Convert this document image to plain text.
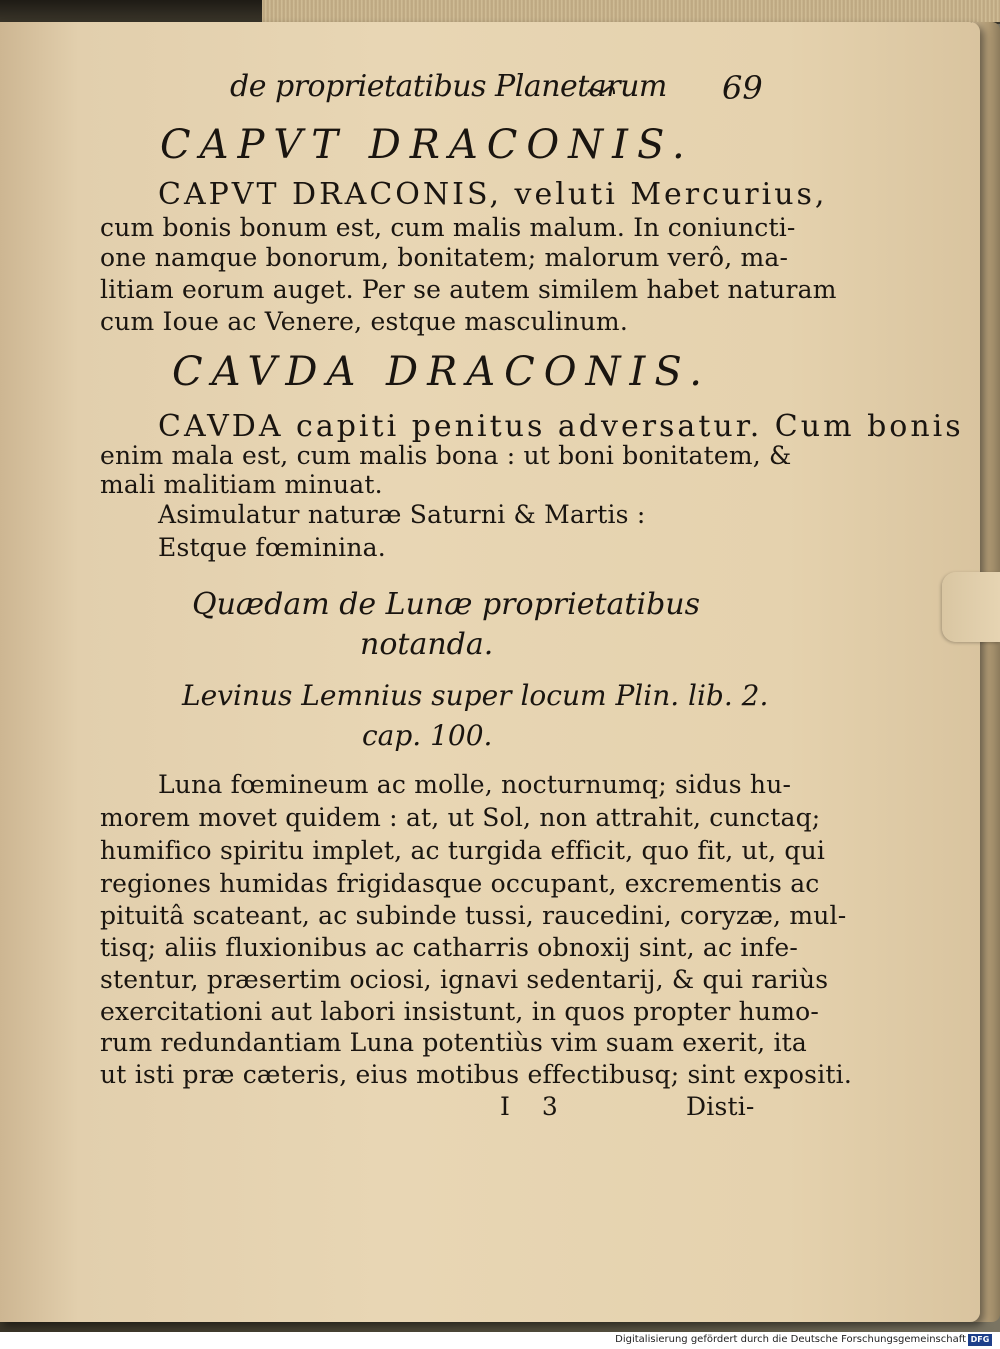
de proprietatibus Planetarum 69
CAPVT DRACONIS.
CAPVT DRACONIS, veluti Mercurius,
cum bonis bonum est, cum malis malum. In coniuncti-
one namque bonorum, bonitatem; malorum verô, ma-
litiam eorum auget. Per se autem similem habet naturam
cum Ioue ac Venere, estque masculinum.
CAVDA DRACONIS.
CAVDA capiti penitus adversatur. Cum bonis
enim mala est, cum malis bona : ut boni bonitatem, &
mali malitiam minuat.
Asimulatur naturæ Saturni & Martis :
Estque fœminina.
Quædam de Lunæ proprietatibus
notanda.
Levinus Lemnius super locum Plin. lib. 2.
cap. 100.
Luna fœmineum ac molle, nocturnumq; sidus hu-
morem movet quidem : at, ut Sol, non attrahit, cunctaq;
humifico spiritu implet, ac turgida efficit, quo fit, ut, qui
regiones humidas frigidasque occupant, excrementis ac
pituitâ scateant, ac subinde tussi, raucedini, coryzæ, mul-
tisq; aliis fluxionibus ac catharris obnoxij sint, ac infe-
stentur, præsertim ociosi, ignavi sedentarij, & qui rariùs
exercitationi aut labori insistunt, in quos propter humo-
rum redundantiam Luna potentiùs vim suam exerit, ita
ut isti præ cæteris, eius motibus effectibusq; sint expositi.
I 3	Disti-
Digitalisierung gefördert durch die Deutsche Forschungsgemeinschaft DFG
